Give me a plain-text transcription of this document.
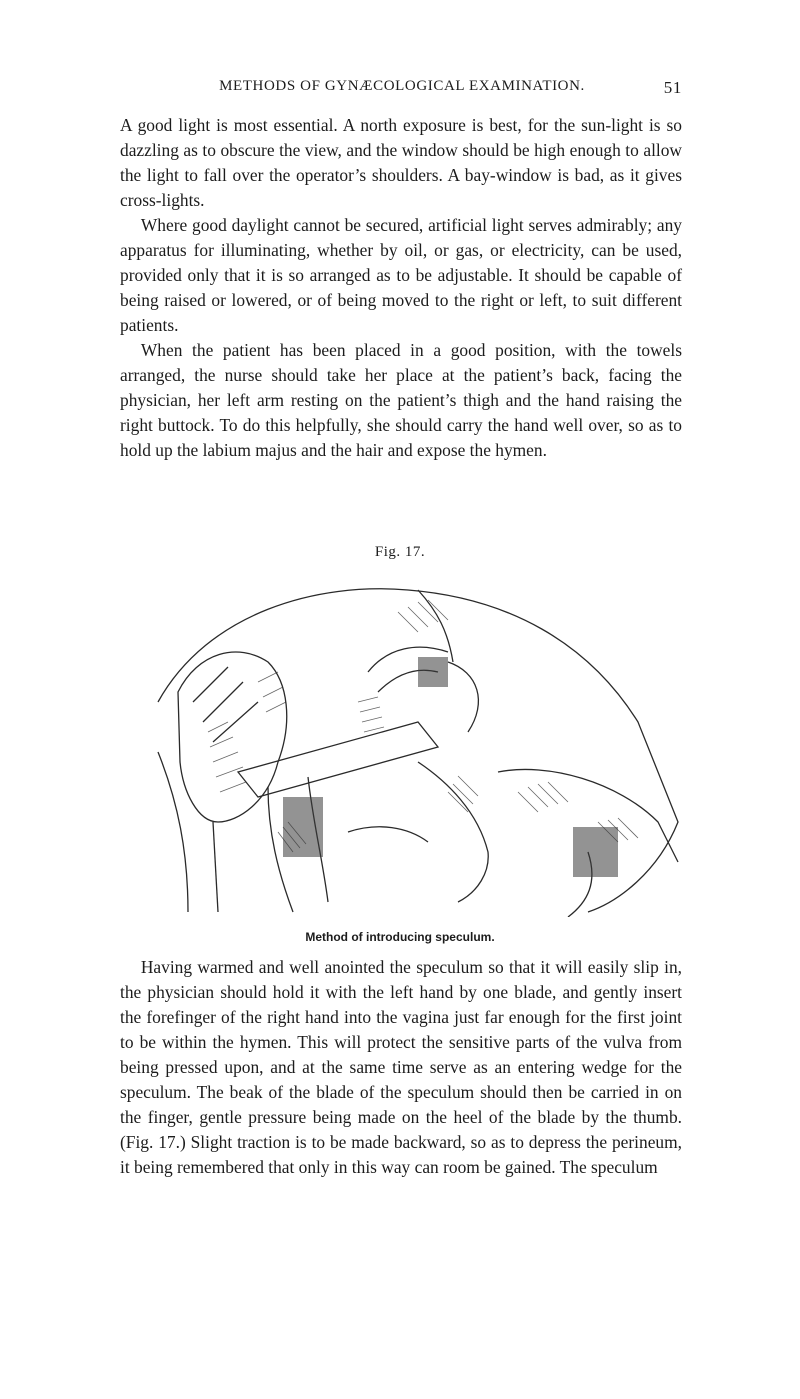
METHODS OF GYNÆCOLOGICAL EXAMINATION.	51

A good light is most essential. A north exposure is best, for the sun-light is so dazzling as to obscure the view, and the window should be high enough to allow the light to fall over the operator’s shoulders. A bay-window is bad, as it gives cross-lights.

Where good daylight cannot be secured, artificial light serves admirably; any apparatus for illuminating, whether by oil, or gas, or electricity, can be used, provided only that it is so arranged as to be adjustable. It should be capable of being raised or lowered, or of being moved to the right or left, to suit different patients.

When the patient has been placed in a good position, with the towels arranged, the nurse should take her place at the patient’s back, facing the physician, her left arm resting on the patient’s thigh and the hand raising the right buttock. To do this helpfully, she should carry the hand well over, so as to hold up the labium majus and the hair and expose the hymen.

Fig. 17.
Method of introducing speculum.

Having warmed and well anointed the speculum so that it will easily slip in, the physician should hold it with the left hand by one blade, and gently insert the forefinger of the right hand into the vagina just far enough for the first joint to be within the hymen. This will protect the sensitive parts of the vulva from being pressed upon, and at the same time serve as an entering wedge for the speculum. The beak of the blade of the speculum should then be carried in on the finger, gentle pressure being made on the heel of the blade by the thumb. (Fig. 17.) Slight traction is to be made backward, so as to depress the perineum, it being remembered that only in this way can room be gained. The speculum
